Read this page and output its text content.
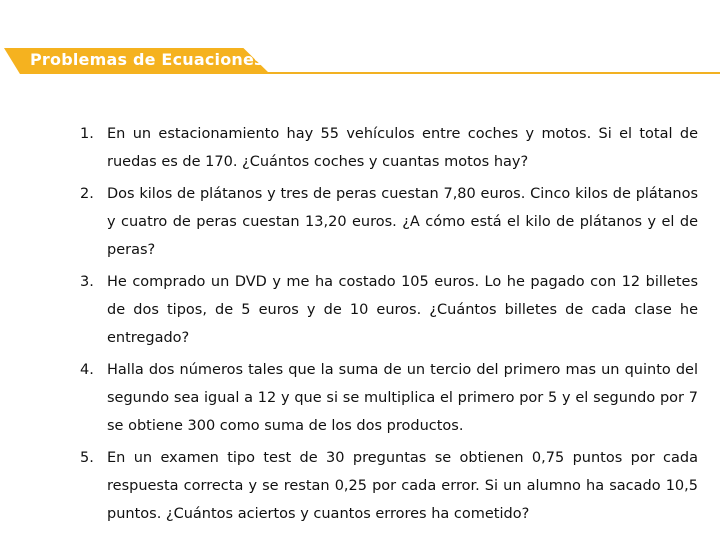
Problemas de Ecuaciones
1. En un estacionamiento hay 55 vehículos entre coches y motos. Si el total de ruedas es de 170. ¿Cuántos coches y cuantas motos hay?
2. Dos kilos de plátanos y tres de peras cuestan 7,80 euros. Cinco kilos de plátanos y cuatro de peras cuestan 13,20 euros. ¿A cómo está el kilo de plátanos y el de peras?
3. He comprado un DVD y me ha costado 105 euros. Lo he pagado con 12 billetes de dos tipos, de 5 euros y de 10 euros. ¿Cuántos billetes de cada clase he entregado?
4. Halla dos números tales que la suma de un tercio del primero mas un quinto del segundo sea igual a 12 y que si se multiplica el primero por 5 y el segundo por 7 se obtiene 300 como suma de los dos productos.
5. En un examen tipo test de 30 preguntas se obtienen 0,75 puntos por cada respuesta correcta y se restan 0,25 por cada error. Si un alumno ha sacado 10,5 puntos. ¿Cuántos aciertos y cuantos errores ha cometido?
